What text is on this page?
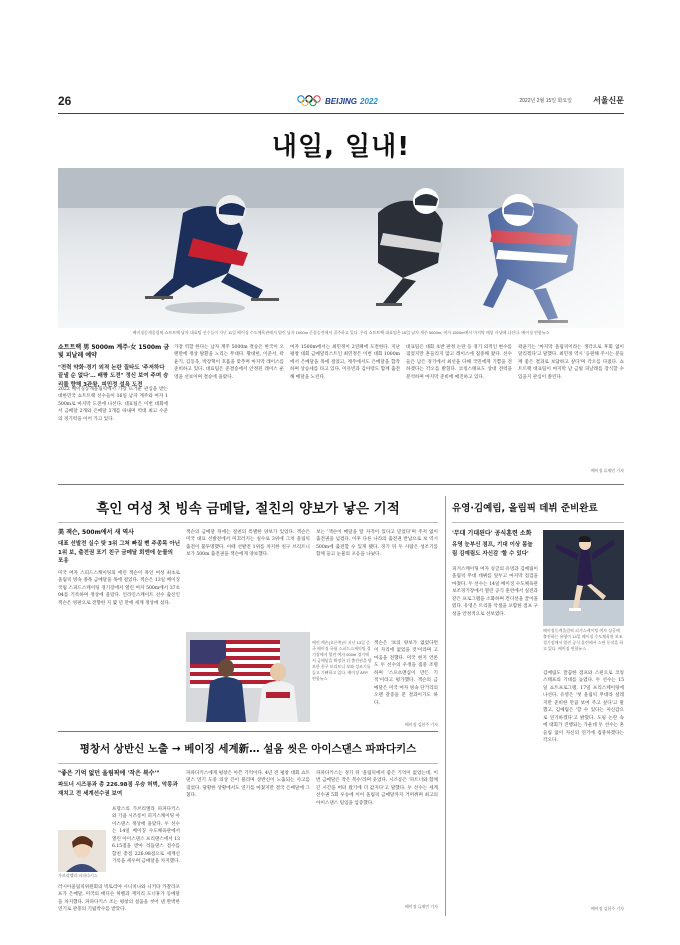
26	BEIJING 2022	2022년 2월 15일 화요일	서울신문
내일, 일내!
베이징동계올림픽 쇼트트랙 남자 대표팀 선수들이 지난 11일 베이징 수도체육관에서 열린 남자 1000m 준결승전에서 질주하고 있다. 우리 쇼트트랙 대표팀은 16일 남자 계주 5000m, 여자 1500m에서 마지막 메달 사냥에 나선다. 베이징 연합뉴스
쇼트트랙 男 5000m 계주·女 1500m 금빛 피날레 예약
"전력 약화·경기 외적 논란 질타도 '주저하다 끝낼 순 없다'… 배짱 도전" 정신 보여 주며 승리를 향해 3관왕, 피민정 설욕 도전
2022 베이징동계올림픽에서 가장 뜨거운 관심을 받는 대한민국 쇼트트랙 선수들이 16일 남자 계주와 여자 1500m로 마지막 도전에 나선다. 대표팀은 이번 대회에서 금메달 2개와 은메달 3개를 따내며 역대 최고 수준의 경기력을 이어 가고 있다.
가장 역할 한다는 남자 계주 5000m 결승은 한국이 오랜만에 정상 탈환을 노리는 무대다. 황대헌, 이준서, 곽윤기, 김동욱, 박장혁이 호흡을 맞추며 마지막 레이스를 준비하고 있다. 대표팀은 준결승에서 안정된 레이스 운영을 선보이며 결승에 올랐다.
여자 1500m에서는 최민정이 2연패에 도전한다. 지난 평창 대회 금메달리스트인 최민정은 이번 대회 1000m에서 은메달을 목에 걸었고, 계주에서도 은메달을 합작하며 상승세를 타고 있다. 이유빈과 김아랑도 함께 출전해 메달을 노린다.
대표팀은 대회 초반 판정 논란 등 경기 외적인 변수를 겪었지만 흔들리지 않고 레이스에 집중해 왔다. 선수들은 남은 경기에서 최선을 다해 국민에게 기쁨을 전하겠다는 각오를 밝혔다. 코칭스태프도 상대 전력을 분석하며 마지막 준비에 매진하고 있다.
곽윤기는 '마지막 올림픽이라는 생각으로 후회 없이 달리겠다'고 말했다. 최민정 역시 '응원해 주시는 분들께 좋은 결과로 보답하고 싶다'며 각오를 다졌다. 쇼트트랙 대표팀이 마지막 날 금빛 피날레를 장식할 수 있을지 관심이 쏠린다.
베이징 류재민 기자
흑인 여성 첫 빙속 금메달, 절친의 양보가 낳은 기적
美 잭슨, 500m에서 새 역사
대표 선발전 실수 탓 3위 그쳐 빠질 뻔 주종목 아닌 1위 보, 출전권 포기 친구 금메달 회엔에 눈물의 포옹
미국 여자 스피드스케이팅의 에린 잭슨이 흑인 여성 최초로 올림픽 빙속 종목 금메달을 목에 걸었다. 잭슨은 13일 베이징 국립 스피드스케이팅 경기장에서 열린 여자 500m에서 37초04를 기록하며 정상에 올랐다. 인라인스케이트 선수 출신인 잭슨은 빙판으로 전향한 지 몇 년 만에 세계 정상에 섰다.
잭슨의 금메달 뒤에는 절친의 특별한 양보가 있었다. 잭슨은 미국 대표 선발전에서 미끄러지는 실수로 3위에 그쳐 올림픽 출전이 불투명했다. 이때 선발전 1위를 차지한 친구 브리트니 보가 500m 출전권을 잭슨에게 양보했다.
보는 '잭슨이 메달을 딸 자격이 있다고 믿었다'며 주저 없이 출전권을 넘겼다. 이후 다른 나라의 출전권 반납으로 보 역시 500m에 출전할 수 있게 됐다. 경기 뒤 두 사람은 성조기를 함께 들고 눈물의 포옹을 나눴다.
잭슨은 '보의 양보가 없었다면 이 자리에 없었을 것'이라며 고마움을 전했다. 미국 현지 언론도 두 선수의 우정을 집중 조명하며 '스포츠맨십이 만든 기적'이라고 평가했다. 잭슨의 금메달은 미국 여자 빙속 단거리의 오랜 갈증을 푼 결과이기도 하다.
베이징 김헌주 기자
에린 잭슨(오른쪽)이 지난 13일 중국 베이징 국립 스피드스케이팅 경기장에서 열린 여자 500m 경기에서 금메달을 확정한 뒤 출전권을 양보한 친구 브리트니 보와 성조기를 들고 기뻐하고 있다. 베이징 AFP 연합뉴스
유영·김예림, 올림픽 데뷔 준비완료
'무대 기대된다' 공식훈련 소화
유영 눈부신 점프, 기대 이상 몸놀림 김예림도 자신감 '할 수 있다'
피겨스케이팅 여자 싱글의 유영과 김예림이 올림픽 무대 데뷔를 앞두고 마지막 점검을 마쳤다. 두 선수는 14일 베이징 수도체육관 보조경기장에서 열린 공식 훈련에서 실전과 같은 프로그램을 소화하며 컨디션을 끌어올렸다. 유영은 트리플 악셀을 포함한 점프 구성을 안정적으로 선보였다.
베이징동계올림픽 피겨스케이팅 여자 싱글에 출전하는 유영이 14일 베이징 수도체육관 보조경기장에서 열린 공식 훈련에서 스핀 동작을 하고 있다. 베이징 연합뉴스
김예림도 깔끔한 점프와 스핀으로 코칭스태프의 기대를 높였다. 두 선수는 15일 쇼트프로그램, 17일 프리스케이팅에 나선다. 유영은 '첫 올림픽 무대라 설레지만 준비한 만큼 보여 주고 싶다'고 말했고, 김예림은 '할 수 있다는 자신감으로 연기하겠다'고 밝혔다. 도핑 논란 속에 대회가 진행되는 가운데 두 선수는 흔들림 없이 자신의 연기에 집중하겠다는 각오다.
베이징 김헌주 기자
평창서 상반신 노출 → 베이징 세계新… 설움 씻은 아이스댄스 파파다키스
"좋은 기억 없던 올림픽에 '작은 복수'"
파트너 시즈롱과 총 226.98점 우승 허벅, 악몽과 재치고 전 세계선수권 보여
가브리엘라 파파다키스
프랑스의 가브리엘라 파파다키스와 기욤 시즈롱이 피겨스케이팅 아이스댄스 정상에 올랐다. 두 선수는 14일 베이징 수도체육관에서 열린 아이스댄스 프리댄스에서 136.15점을 받아 리듬댄스 점수를 합친 총점 226.98점으로 세계신기록을 세우며 금메달을 차지했다.
파파다키스에게 평창은 아픈 기억이다. 4년 전 평창 대회 쇼트댄스 연기 도중 의상 끈이 풀리며 상반신이 노출되는 사고를 겪었다. 당황한 상황에서도 연기를 마쳤지만 결국 은메달에 그쳤다.
파파다키스는 경기 뒤 '올림픽에서 좋은 기억이 없었는데, 이번 금메달은 작은 복수'라며 웃었다. 시즈롱은 '파트너와 함께 긴 시간을 버텨 왔기에 더 값지다'고 말했다. 두 선수는 세계선수권 5회 우승에 이어 올림픽 금메달까지 거머쥐며 최고의 아이스댄스 팀임을 입증했다.
러시아올림픽위원회의 빅토리야 시니치나와 니키타 카찰라포프가 은메달, 미국의 매디슨 허벨과 재커리 도너휴가 동메달을 차지했다. 파파다키스 조는 평창의 설움을 씻어 낸 완벽한 연기로 관중의 기립박수를 받았다.
베이징 류재민 기자
